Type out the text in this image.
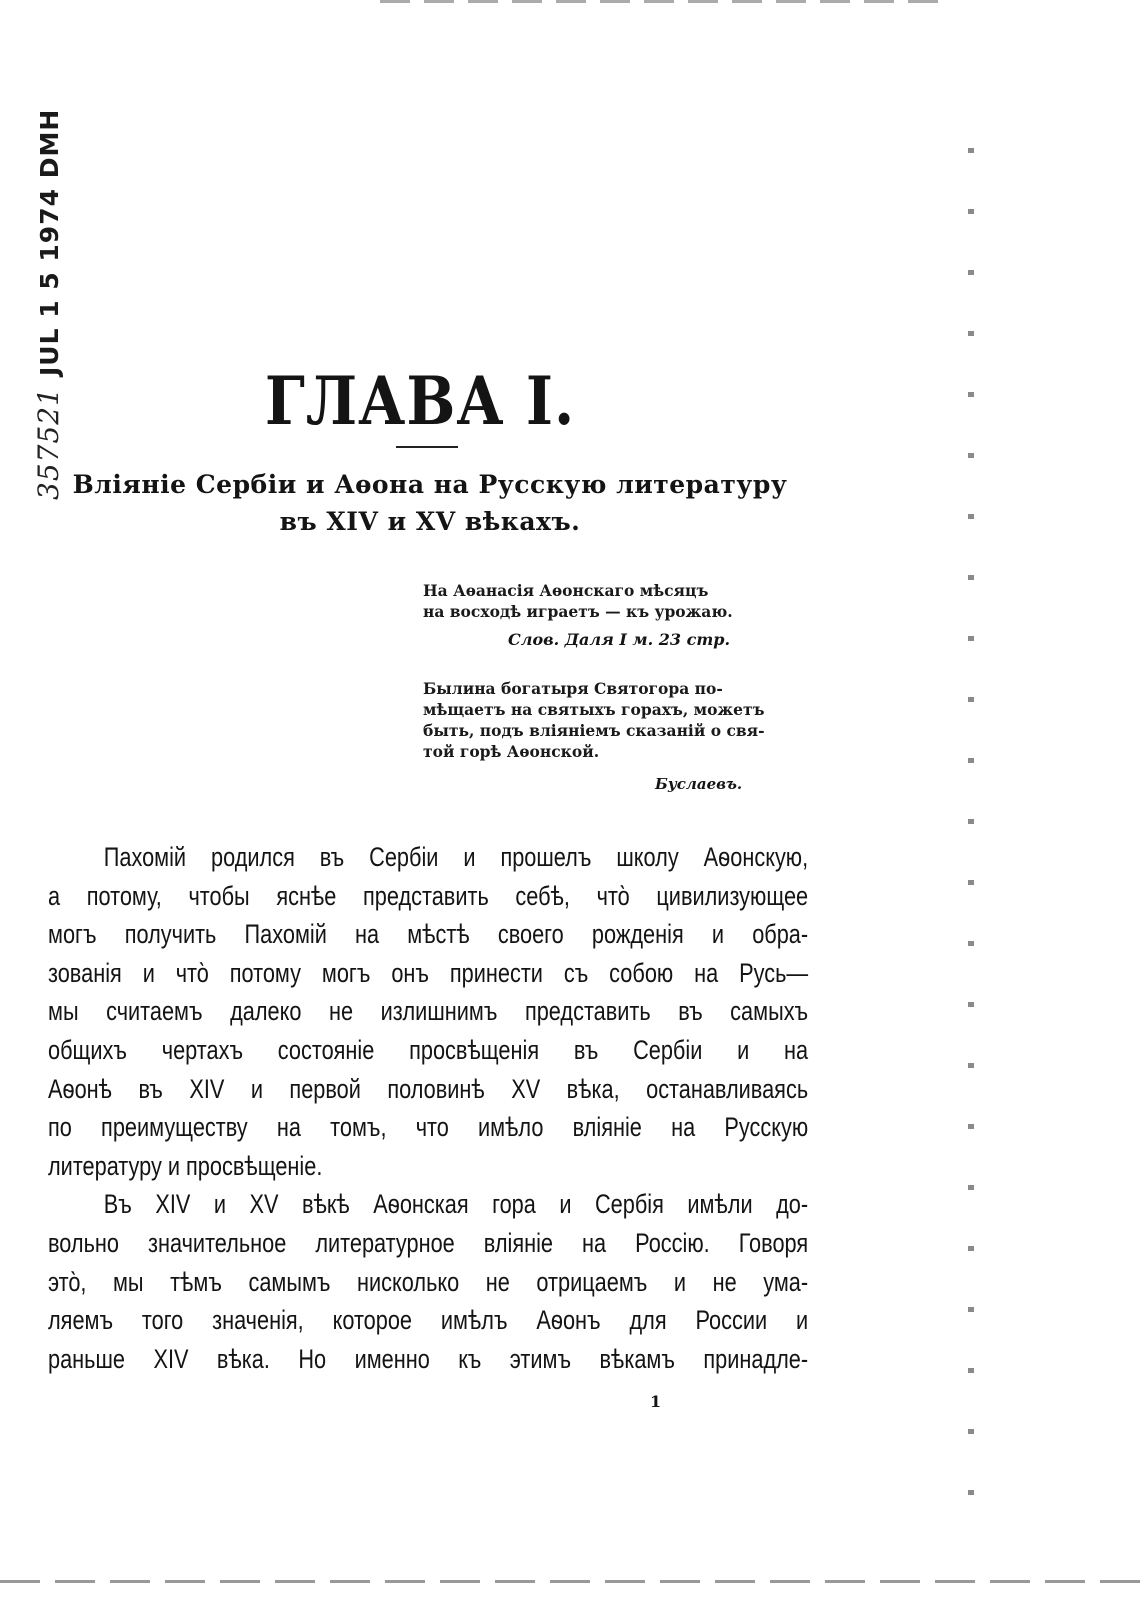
357521 JUL 1 5 1974 DMH
ГЛАВА I.
Вліяніе Сербіи и Аѳона на Русскую литературу
въ XIV и XV вѣкахъ.
На Аѳанасія Аѳонскаго мѣсяцъ
на восходѣ играетъ — къ урожаю.
Слов. Даля I м. 23 стр.
Былина богатыря Святогора по-
мѣщаетъ на святыхъ горахъ, можетъ
быть, подъ вліяніемъ сказаній о свя-
той горѣ Аѳонской.
Буслаевъ.
Пахомій родился въ Сербіи и прошелъ школу Аѳонскую,
а потому, чтобы яснѣе представить себѣ, что̀ цивилизующее
могъ получить Пахомій на мѣстѣ своего рожденія и обра-
зованія и что̀ потому могъ онъ принести съ собою на Русь—
мы считаемъ далеко не излишнимъ представить въ самыхъ
общихъ чертахъ состояніе просвѣщенія въ Сербіи и на
Аѳонѣ въ XIV и первой половинѣ XV вѣка, останавливаясь
по преимуществу на томъ, что имѣло вліяніе на Русскую
литературу и просвѣщеніе.
Въ XIV и XV вѣкѣ Аѳонская гора и Сербія имѣли до-
вольно значительное литературное вліяніе на Россію. Говоря
это̀, мы тѣмъ самымъ нисколько не отрицаемъ и не ума-
ляемъ того значенія, которое имѣлъ Аѳонъ для России и
раньше XIV вѣка. Но именно къ этимъ вѣкамъ принадле-
1
